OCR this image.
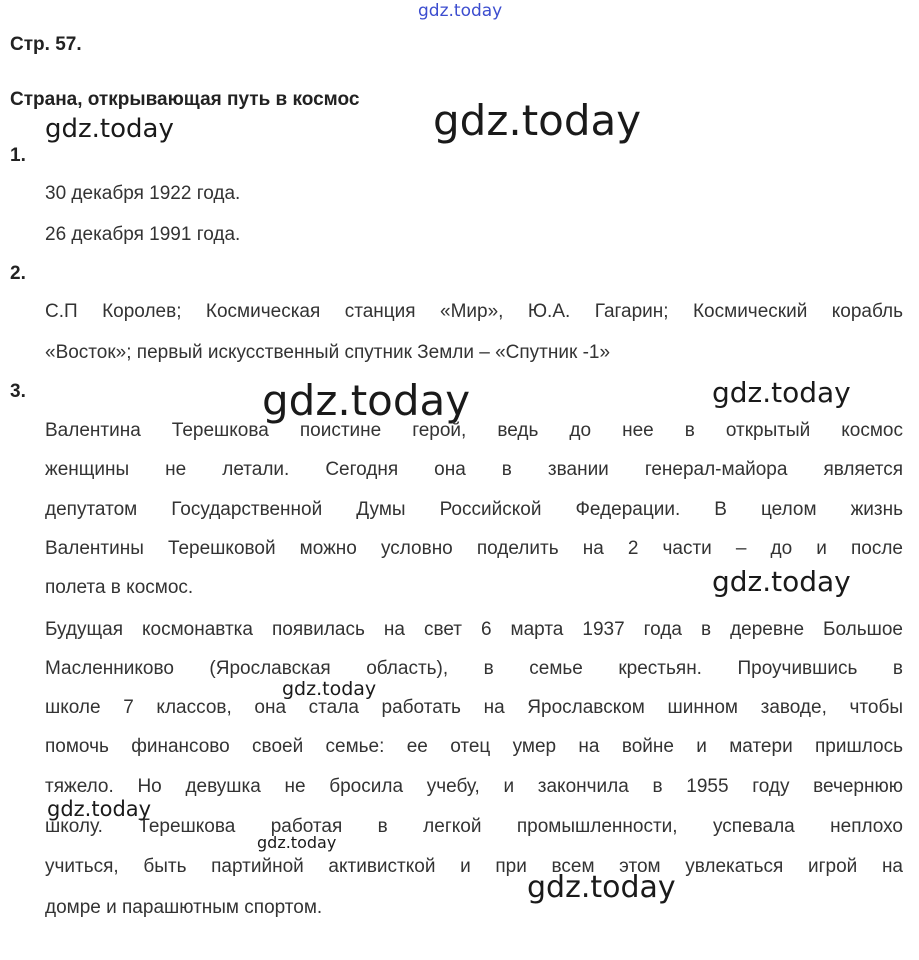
gdz.today
gdz.today	gdz.today
Стр. 57.
Страна, открывающая путь в космос
1.
30 декабря 1922 года.
26 декабря 1991 года.
2.
С.П Королев; Космическая станция «Мир», Ю.А. Гагарин; Космический корабль
«Восток»; первый искусственный спутник Земли – «Спутник -1»
3.	gdz.today	gdz.today
Валентина Терешкова поистине герой, ведь до нее в открытый космос
женщины не летали. Сегодня она в звании генерал-майора является
депутатом Государственной Думы Российской Федерации. В целом жизнь
Валентины Терешковой можно условно поделить на 2 части – до и после
полета в космос.	gdz.today
Будущая космонавтка появилась на свет 6 марта 1937 года в деревне Большое
Масленниково (Ярославская область), в семье крестьян. Проучившись в
школе 7 классов, она стала работать на Ярославском шинном заводе, чтобы
помочь финансово своей семье: ее отец умер на войне и матери пришлось
тяжело. Но девушка не бросила учебу, и закончила в 1955 году вечернюю
школу. Терешкова работая в легкой промышленности, успевала неплохо
учиться, быть партийной активисткой и при всем этом увлекаться игрой на
домре и парашютным спортом.
gdz.today
gdz.today
gdz.today
gdz.today
